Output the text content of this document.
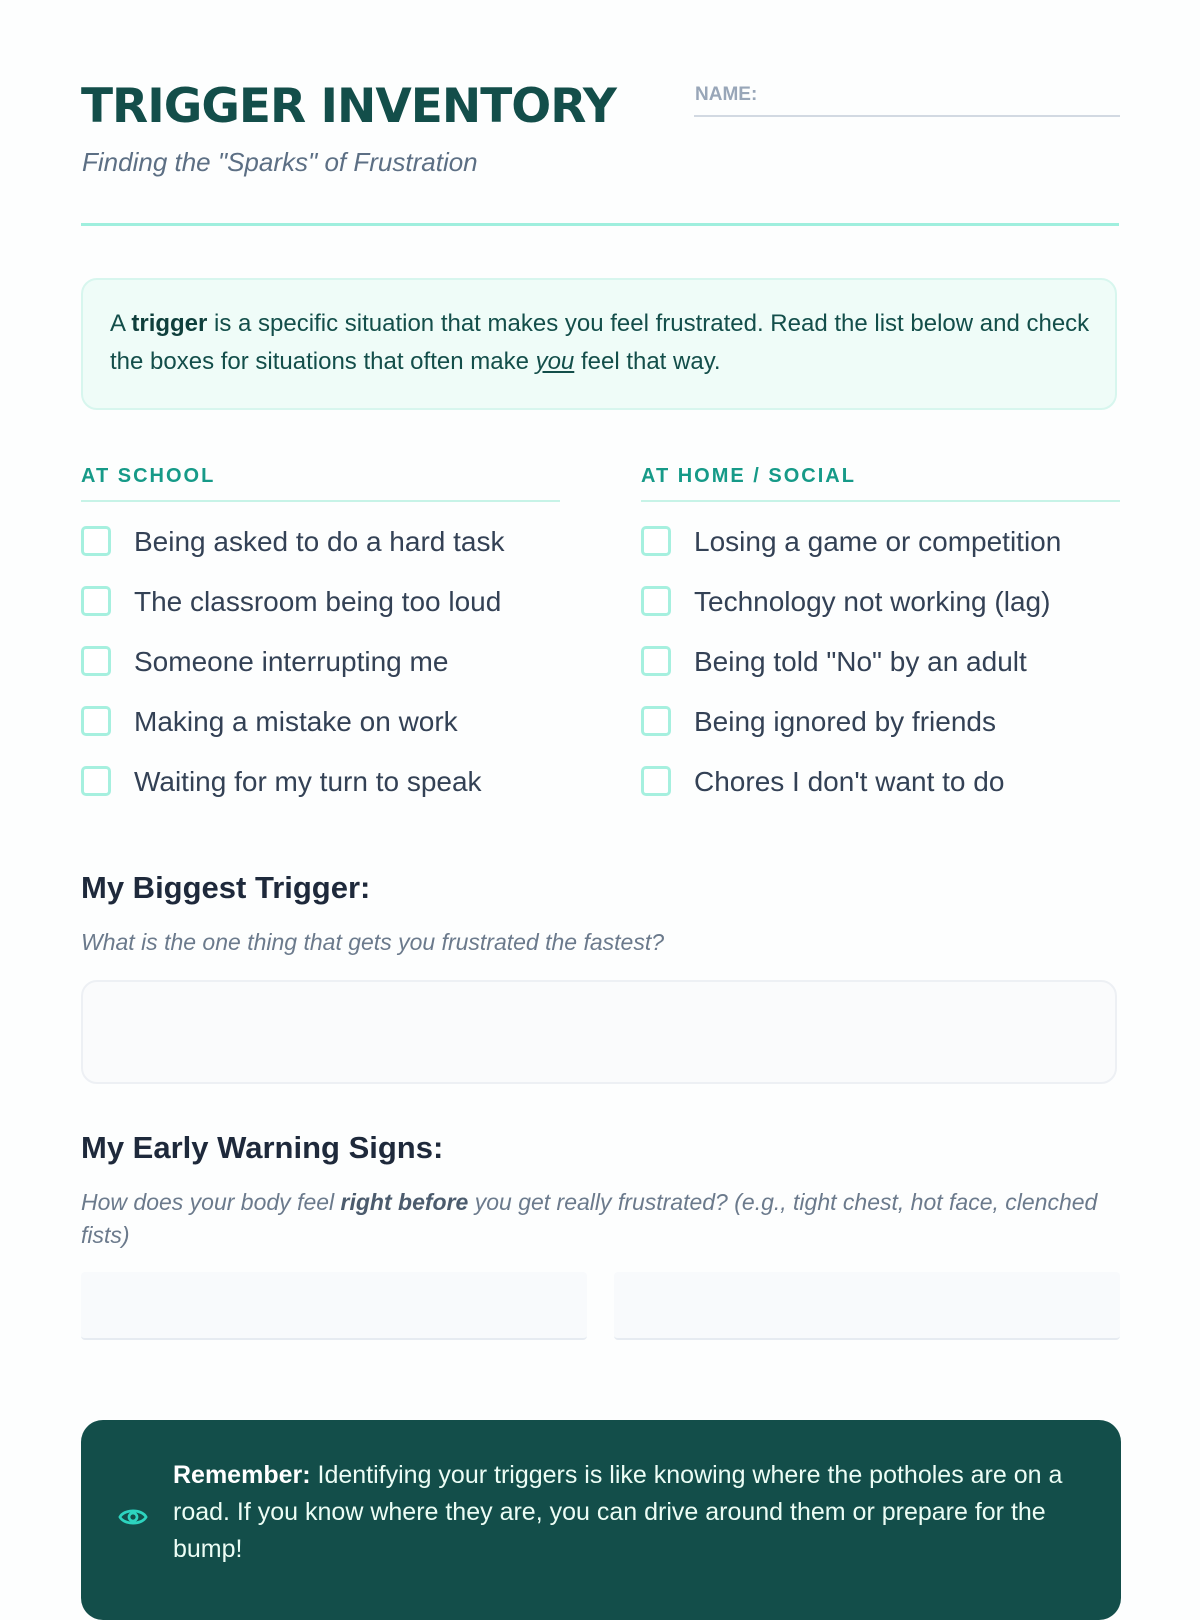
TRIGGER INVENTORY

Finding the "Sparks" of Frustration

NAME:

A trigger is a specific situation that makes you feel frustrated. Read the list below and check the boxes for situations that often make you feel that way.

AT SCHOOL
Being asked to do a hard task
The classroom being too loud
Someone interrupting me
Making a mistake on work
Waiting for my turn to speak
AT HOME / SOCIAL
Losing a game or competition
Technology not working (lag)
Being told "No" by an adult
Being ignored by friends
Chores I don't want to do
My Biggest Trigger:

What is the one thing that gets you frustrated the fastest?

My Early Warning Signs:

How does your body feel right before you get really frustrated? (e.g., tight chest, hot face, clenched fists)

Remember: Identifying your triggers is like knowing where the potholes are on a road. If you know where they are, you can drive around them or prepare for the bump!
